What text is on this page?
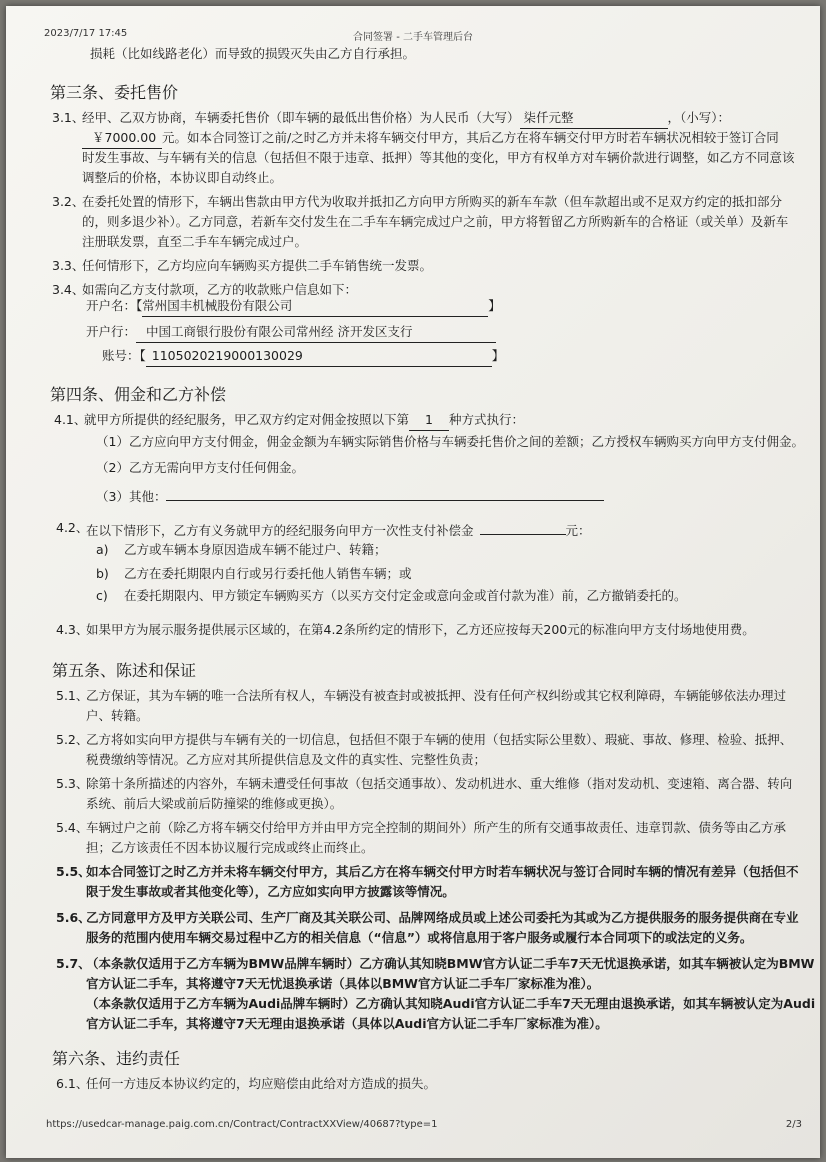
2023/7/17 17:45	合同签署 - 二手车管理后台
损耗（比如线路老化）而导致的损毁灭失由乙方自行承担。
第三条、委托售价
3.1、
经甲、乙双方协商，车辆委托售价（即车辆的最低出售价格）为人民币（大写） 柒仟元整	，（小写）：
￥7000.00 元。如本合同签订之前/之时乙方并未将车辆交付甲方，其后乙方在将车辆交付甲方时若车辆状况相较于签订合同
时发生事故、与车辆有关的信息（包括但不限于违章、抵押）等其他的变化，甲方有权单方对车辆价款进行调整，如乙方不同意该
调整后的价格，本协议即自动终止。
3.2、
在委托处置的情形下，车辆出售款由甲方代为收取并抵扣乙方向甲方所购买的新车车款（但车款超出或不足双方约定的抵扣部分
的，则多退少补）。乙方同意，若新车交付发生在二手车车辆完成过户之前，甲方将暂留乙方所购新车的合格证（或关单）及新车
注册联发票，直至二手车车辆完成过户。
3.3、
任何情形下，乙方均应向车辆购买方提供二手车销售统一发票。
3.4、
如需向乙方支付款项，乙方的收款账户信息如下：
开户名：【常州国丰机械股份有限公司	】
开户行： 中国工商银行股份有限公司常州经 济开发区支行
账号：【 1105020219000130029	】
第四条、佣金和乙方补偿
4.1、
就甲方所提供的经纪服务，甲乙双方约定对佣金按照以下第 1 种方式执行：
（1）乙方应向甲方支付佣金，佣金金额为车辆实际销售价格与车辆委托售价之间的差额；乙方授权车辆购买方向甲方支付佣金。
（2）乙方无需向甲方支付任何佣金。
（3）其他：
4.2、
在以下情形下，乙方有义务就甲方的经纪服务向甲方一次性支付补偿金	元：
a) 乙方或车辆本身原因造成车辆不能过户、转籍；
b) 乙方在委托期限内自行或另行委托他人销售车辆；或
c) 在委托期限内、甲方锁定车辆购买方（以买方交付定金或意向金或首付款为准）前，乙方撤销委托的。
4.3、
如果甲方为展示服务提供展示区域的，在第4.2条所约定的情形下，乙方还应按每天200元的标准向甲方支付场地使用费。
第五条、陈述和保证
5.1、
乙方保证，其为车辆的唯一合法所有权人，车辆没有被查封或被抵押、没有任何产权纠纷或其它权利障碍，车辆能够依法办理过
户、转籍。
5.2、
乙方将如实向甲方提供与车辆有关的一切信息，包括但不限于车辆的使用（包括实际公里数）、瑕疵、事故、修理、检验、抵押、
税费缴纳等情况。乙方应对其所提供信息及文件的真实性、完整性负责；
5.3、
除第十条所描述的内容外，车辆未遭受任何事故（包括交通事故）、发动机进水、重大维修（指对发动机、变速箱、离合器、转向
系统、前后大梁或前后防撞梁的维修或更换）。
5.4、
车辆过户之前（除乙方将车辆交付给甲方并由甲方完全控制的期间外）所产生的所有交通事故责任、违章罚款、债务等由乙方承
担；乙方该责任不因本协议履行完成或终止而终止。
5.5、
如本合同签订之时乙方并未将车辆交付甲方，其后乙方在将车辆交付甲方时若车辆状况与签订合同时车辆的情况有差异（包括但不
限于发生事故或者其他变化等），乙方应如实向甲方披露该等情况。
5.6、
乙方同意甲方及甲方关联公司、生产厂商及其关联公司、品牌网络成员或上述公司委托为其或为乙方提供服务的服务提供商在专业
服务的范围内使用车辆交易过程中乙方的相关信息（“信息”）或将信息用于客户服务或履行本合同项下的或法定的义务。
5.7、
（本条款仅适用于乙方车辆为BMW品牌车辆时）乙方确认其知晓BMW官方认证二手车7天无忧退换承诺，如其车辆被认定为BMW
官方认证二手车，其将遵守7天无忧退换承诺（具体以BMW官方认证二手车厂家标准为准）。
（本条款仅适用于乙方车辆为Audi品牌车辆时）乙方确认其知晓Audi官方认证二手车7天无理由退换承诺，如其车辆被认定为Audi
官方认证二手车，其将遵守7天无理由退换承诺（具体以Audi官方认证二手车厂家标准为准）。
第六条、违约责任
6.1、
任何一方违反本协议约定的，均应赔偿由此给对方造成的损失。
https://usedcar-manage.paig.com.cn/Contract/ContractXXView/40687?type=1	2/3
